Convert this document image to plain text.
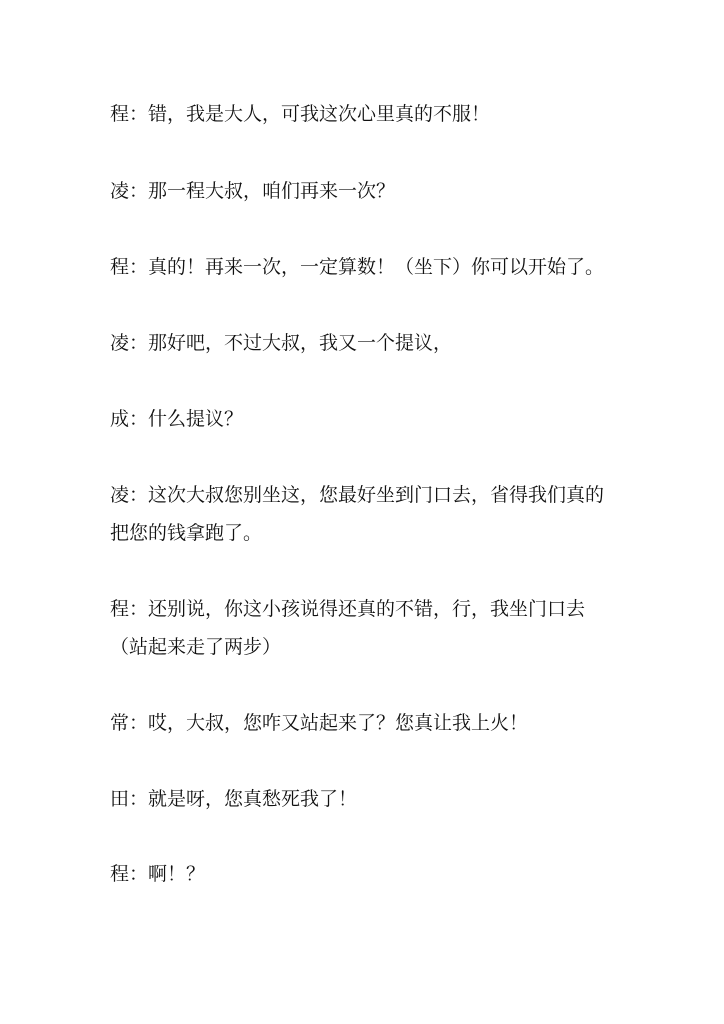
程：错，我是大人，可我这次心里真的不服！

凌：那一程大叔，咱们再来一次？

程：真的！再来一次，一定算数！（坐下）你可以开始了。

凌：那好吧，不过大叔，我又一个提议，

成：什么提议？

凌：这次大叔您别坐这，您最好坐到门口去，省得我们真的把您的钱拿跑了。

程：还别说，你这小孩说得还真的不错，行，我坐门口去（站起来走了两步）

常：哎，大叔，您咋又站起来了？您真让我上火！

田：就是呀，您真愁死我了！

程：啊！？
